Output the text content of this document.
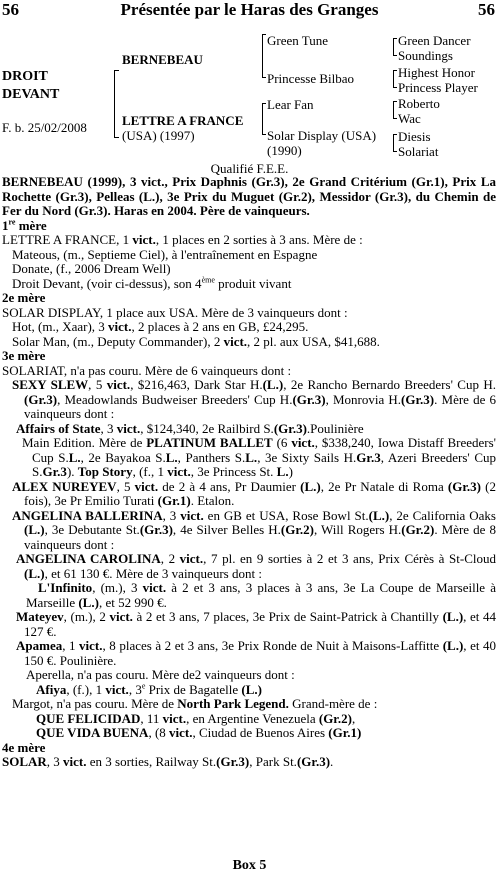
56	Présentée par le Haras des Granges	56
DROIT
DEVANT
F. b. 25/02/2008
BERNEBEAU
LETTRE A FRANCE
(USA) (1997)
Green Tune
Princesse Bilbao
Lear Fan
Solar Display (USA)
(1990)
Green Dancer
Soundings
Highest Honor
Princess Player
Roberto
Wac
Diesis
Solariat
Qualifié F.E.E.

BERNEBEAU (1999), 3 vict., Prix Daphnis (Gr.3), 2e Grand Critérium (Gr.1), Prix La Rochette (Gr.3), Pelleas (L.), 3e Prix du Muguet (Gr.2), Messidor (Gr.3), du Chemin de Fer du Nord (Gr.3). Haras en 2004. Père de vainqueurs.

1re mère

LETTRE A FRANCE, 1 vict., 1 places en 2 sorties à 3 ans. Mère de :

Mateous, (m., Septieme Ciel), à l'entraînement en Espagne

Donate, (f., 2006 Dream Well)

Droit Devant, (voir ci-dessus), son 4ème produit vivant

2e mère

SOLAR DISPLAY, 1 place aux USA. Mère de 3 vainqueurs dont :

Hot, (m., Xaar), 3 vict., 2 places à 2 ans en GB, £24,295.

Solar Man, (m., Deputy Commander), 2 vict., 2 pl. aux USA, $41,688.

3e mère

SOLARIAT, n'a pas couru. Mère de 6 vainqueurs dont :

SEXY SLEW, 5 vict., $216,463, Dark Star H.(L.), 2e Rancho Bernardo Breeders' Cup H.(Gr.3), Meadowlands Budweiser Breeders' Cup H.(Gr.3), Monrovia H.(Gr.3). Mère de 6 vainqueurs dont :

Affairs of State, 3 vict., $124,340, 2e Railbird S.(Gr.3).Poulinière

Main Edition. Mère de PLATINUM BALLET (6 vict., $338,240, Iowa Distaff Breeders' Cup S.L., 2e Bayakoa S.L., Panthers S.L., 3e Sixty Sails H.Gr.3, Azeri Breeders' Cup S.Gr.3). Top Story, (f., 1 vict., 3e Princess St. L.)

ALEX NUREYEV, 5 vict. de 2 à 4 ans, Pr Daumier (L.), 2e Pr Natale di Roma (Gr.3) (2 fois), 3e Pr Emilio Turati (Gr.1). Etalon.

ANGELINA BALLERINA, 3 vict. en GB et USA, Rose Bowl St.(L.), 2e California Oaks (L.), 3e Debutante St.(Gr.3), 4e Silver Belles H.(Gr.2), Will Rogers H.(Gr.2). Mère de 8 vainqueurs dont :

ANGELINA CAROLINA, 2 vict., 7 pl. en 9 sorties à 2 et 3 ans, Prix Cérès à St-Cloud (L.), et 61 130 €. Mère de 3 vainqueurs dont :

L'Infinito, (m.), 3 vict. à 2 et 3 ans, 3 places à 3 ans, 3e La Coupe de Marseille à Marseille (L.), et 52 990 €.

Mateyev, (m.), 2 vict. à 2 et 3 ans, 7 places, 3e Prix de Saint-Patrick à Chantilly (L.), et 44 127 €.

Apamea, 1 vict., 8 places à 2 et 3 ans, 3e Prix Ronde de Nuit à Maisons-Laffitte (L.), et 40 150 €. Poulinière.

Aperella, n'a pas couru. Mère de2 vainqueurs dont :

Afiya, (f.), 1 vict., 3e Prix de Bagatelle (L.)

Margot, n'a pas couru. Mère de North Park Legend. Grand-mère de :

QUE FELICIDAD, 11 vict., en Argentine Venezuela (Gr.2),

QUE VIDA BUENA, (8 vict., Ciudad de Buenos Aires (Gr.1)

4e mère

SOLAR, 3 vict. en 3 sorties, Railway St.(Gr.3), Park St.(Gr.3).

Box 5
